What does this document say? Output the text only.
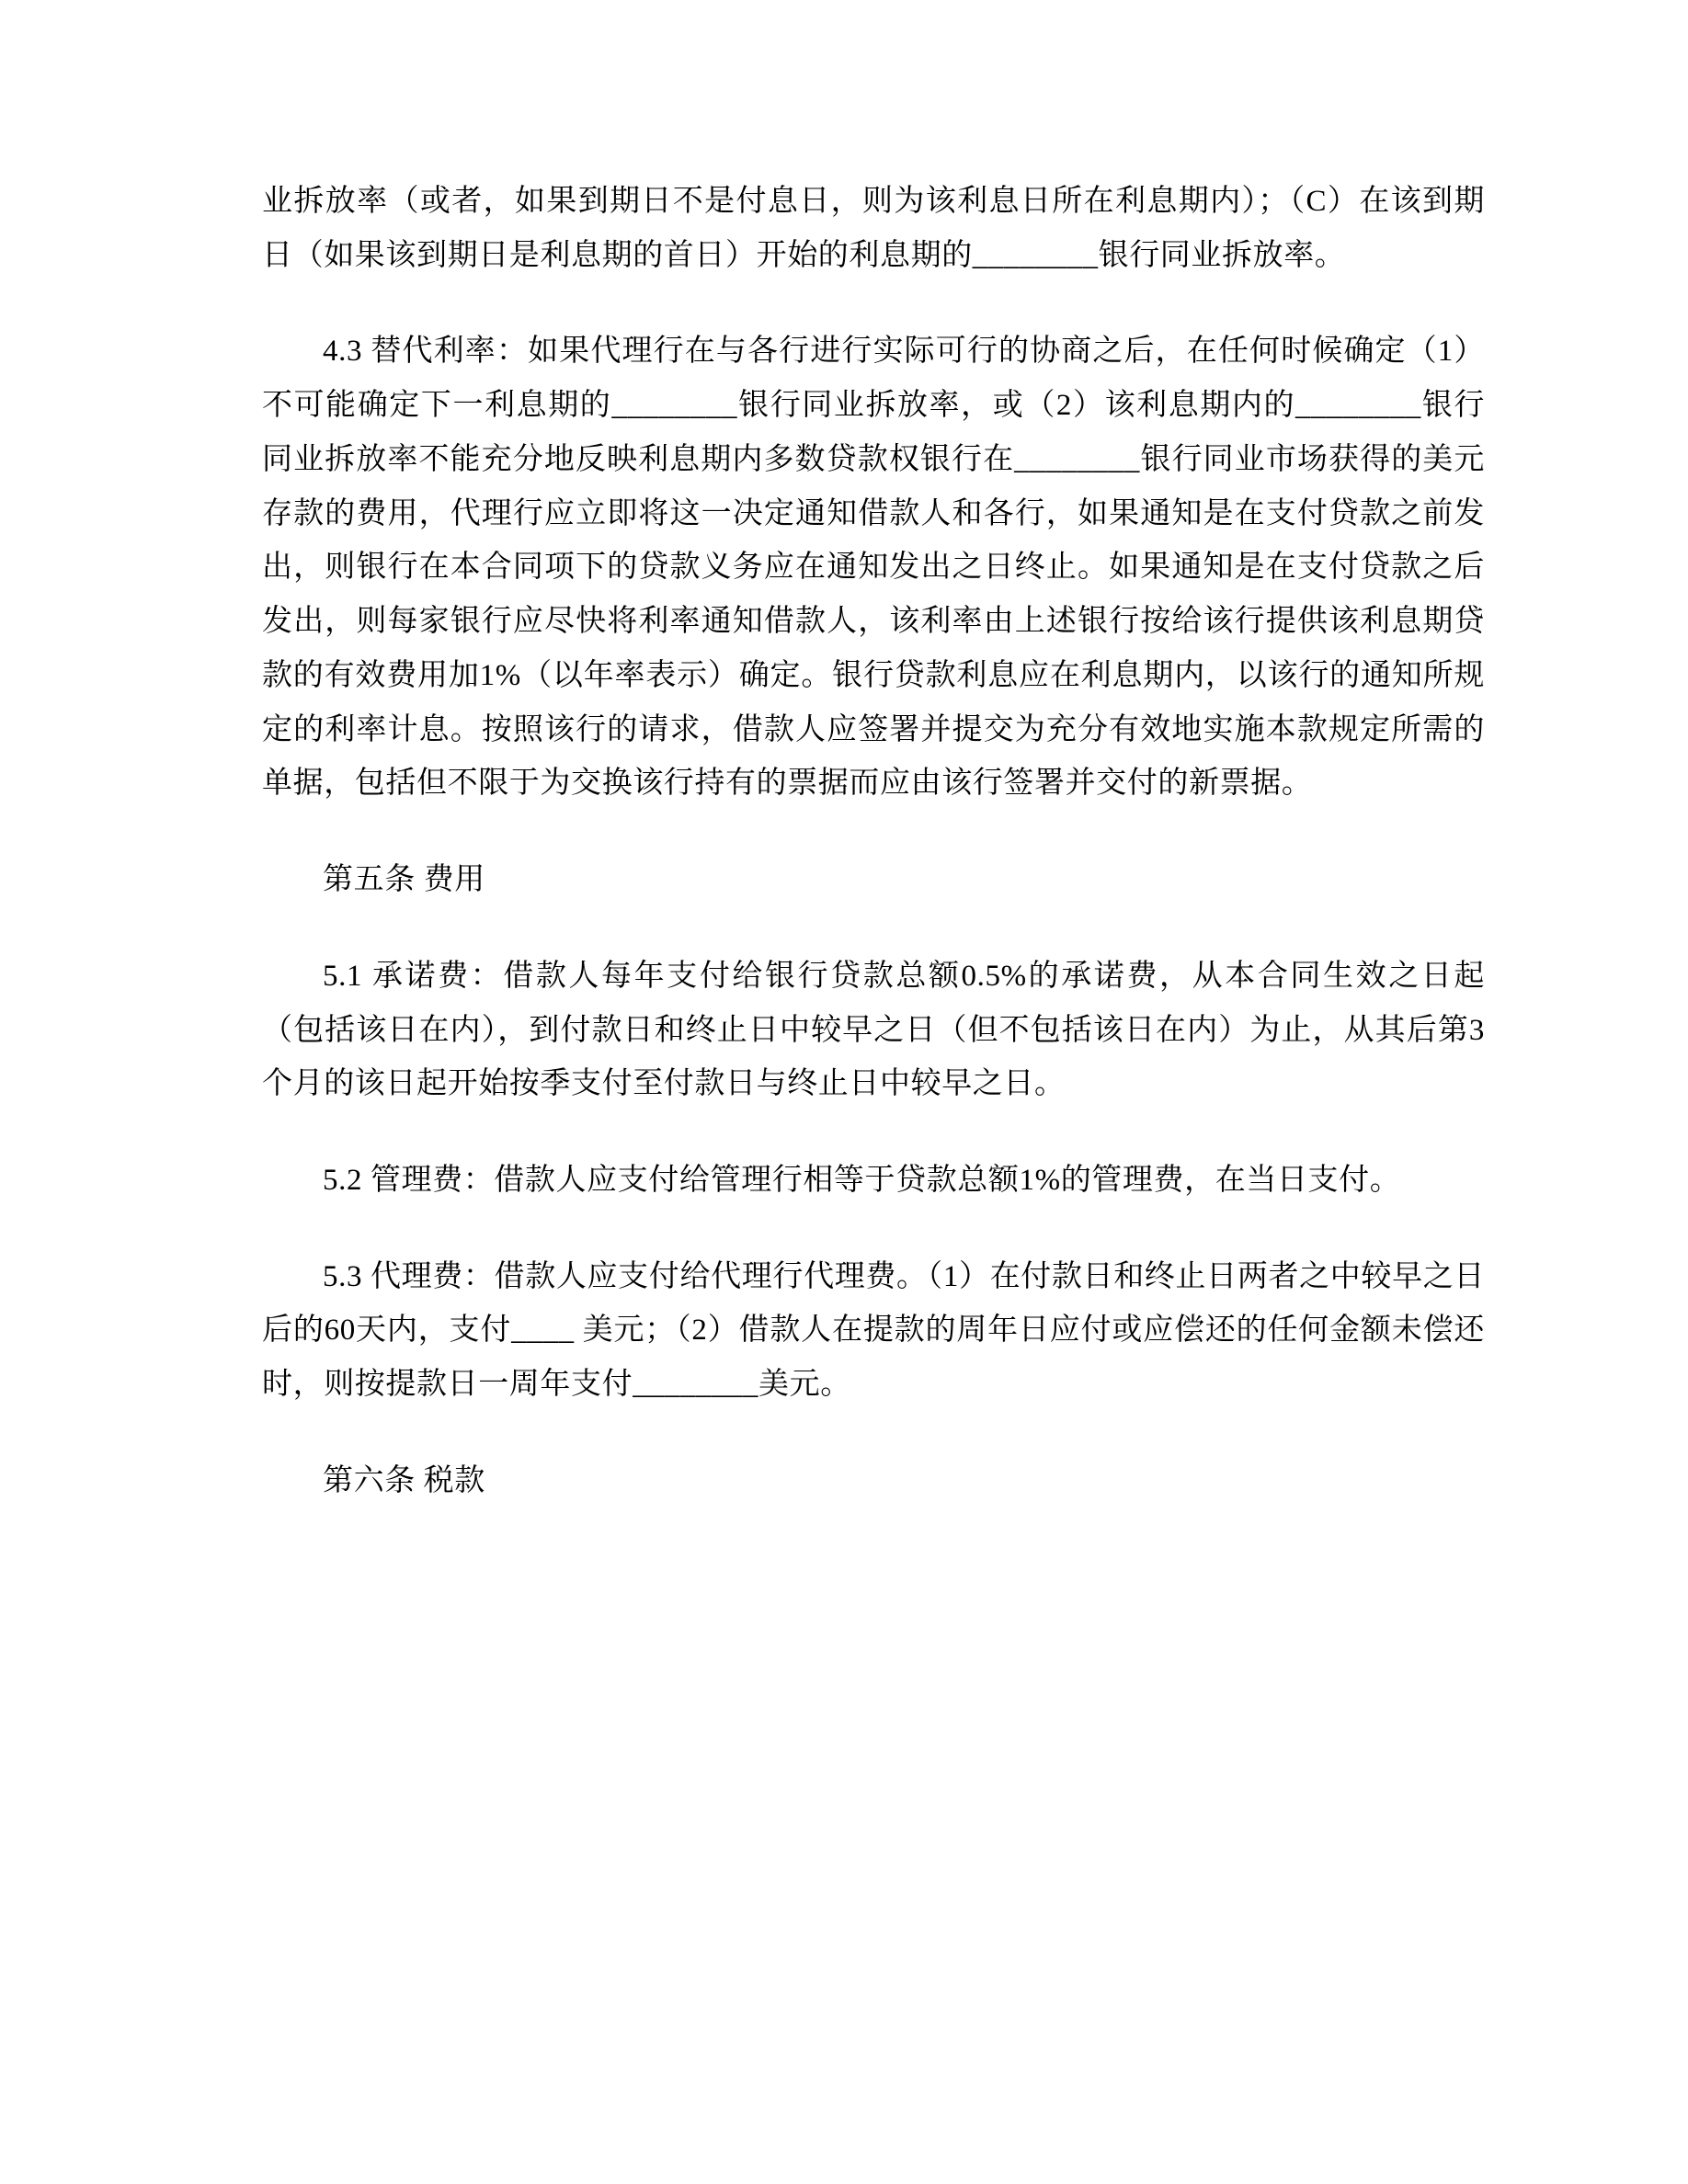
业拆放率（或者，如果到期日不是付息日，则为该利息日所在利息期内）；（C）在该到期日（如果该到期日是利息期的首日）开始的利息期的________银行同业拆放率。

4.3 替代利率：如果代理行在与各行进行实际可行的协商之后，在任何时候确定（1）不可能确定下一利息期的________银行同业拆放率，或（2）该利息期内的________银行同业拆放率不能充分地反映利息期内多数贷款权银行在________银行同业市场获得的美元存款的费用，代理行应立即将这一决定通知借款人和各行，如果通知是在支付贷款之前发出，则银行在本合同项下的贷款义务应在通知发出之日终止。如果通知是在支付贷款之后发出，则每家银行应尽快将利率通知借款人，该利率由上述银行按给该行提供该利息期贷款的有效费用加1%（以年率表示）确定。银行贷款利息应在利息期内，以该行的通知所规定的利率计息。按照该行的请求，借款人应签署并提交为充分有效地实施本款规定所需的单据，包括但不限于为交换该行持有的票据而应由该行签署并交付的新票据。

第五条 费用

5.1 承诺费：借款人每年支付给银行贷款总额0.5%的承诺费，从本合同生效之日起（包括该日在内），到付款日和终止日中较早之日（但不包括该日在内）为止，从其后第3个月的该日起开始按季支付至付款日与终止日中较早之日。

5.2 管理费：借款人应支付给管理行相等于贷款总额1%的管理费，在当日支付。

5.3 代理费：借款人应支付给代理行代理费。（1）在付款日和终止日两者之中较早之日后的60天内，支付____ 美元；（2）借款人在提款的周年日应付或应偿还的任何金额未偿还时，则按提款日一周年支付________美元。

第六条 税款
